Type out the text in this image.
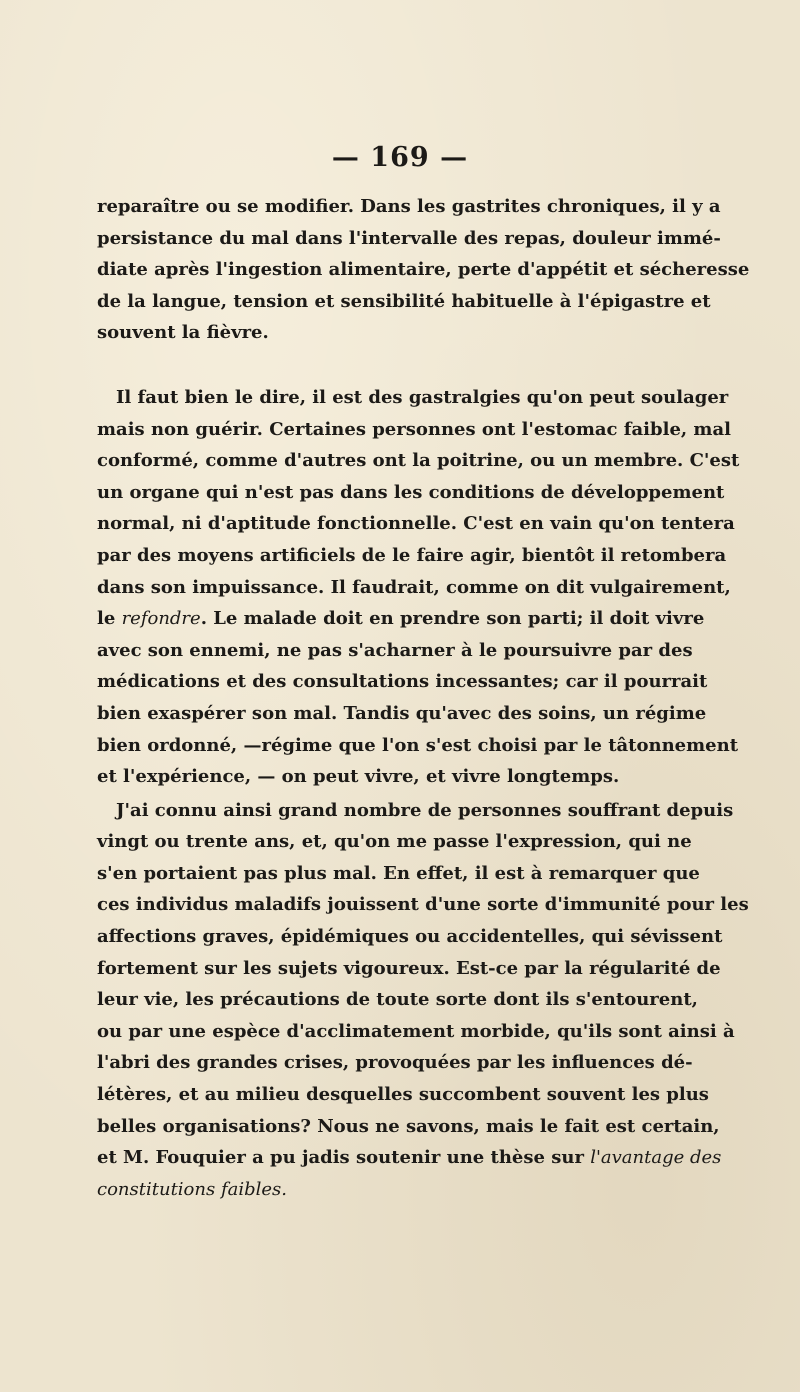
— 169 —
reparaître ou se modifier. Dans les gastrites chroniques, il y a
persistance du mal dans l'intervalle des repas, douleur immé-
diate après l'ingestion alimentaire, perte d'appétit et sécheresse
de la langue, tension et sensibilité habituelle à l'épigastre et
souvent la fièvre.
Il faut bien le dire, il est des gastralgies qu'on peut soulager
mais non guérir. Certaines personnes ont l'estomac faible, mal
conformé, comme d'autres ont la poitrine, ou un membre. C'est
un organe qui n'est pas dans les conditions de développement
normal, ni d'aptitude fonctionnelle. C'est en vain qu'on tentera
par des moyens artificiels de le faire agir, bientôt il retombera
dans son impuissance. Il faudrait, comme on dit vulgairement,
le refondre. Le malade doit en prendre son parti; il doit vivre
avec son ennemi, ne pas s'acharner à le poursuivre par des
médications et des consultations incessantes; car il pourrait
bien exaspérer son mal. Tandis qu'avec des soins, un régime
bien ordonné, —régime que l'on s'est choisi par le tâtonnement
et l'expérience, — on peut vivre, et vivre longtemps.
J'ai connu ainsi grand nombre de personnes souffrant depuis
vingt ou trente ans, et, qu'on me passe l'expression, qui ne
s'en portaient pas plus mal. En effet, il est à remarquer que
ces individus maladifs jouissent d'une sorte d'immunité pour les
affections graves, épidémiques ou accidentelles, qui sévissent
fortement sur les sujets vigoureux. Est-ce par la régularité de
leur vie, les précautions de toute sorte dont ils s'entourent,
ou par une espèce d'acclimatement morbide, qu'ils sont ainsi à
l'abri des grandes crises, provoquées par les influences dé-
létères, et au milieu desquelles succombent souvent les plus
belles organisations? Nous ne savons, mais le fait est certain,
et M. Fouquier a pu jadis soutenir une thèse sur l'avantage des
constitutions faibles.
